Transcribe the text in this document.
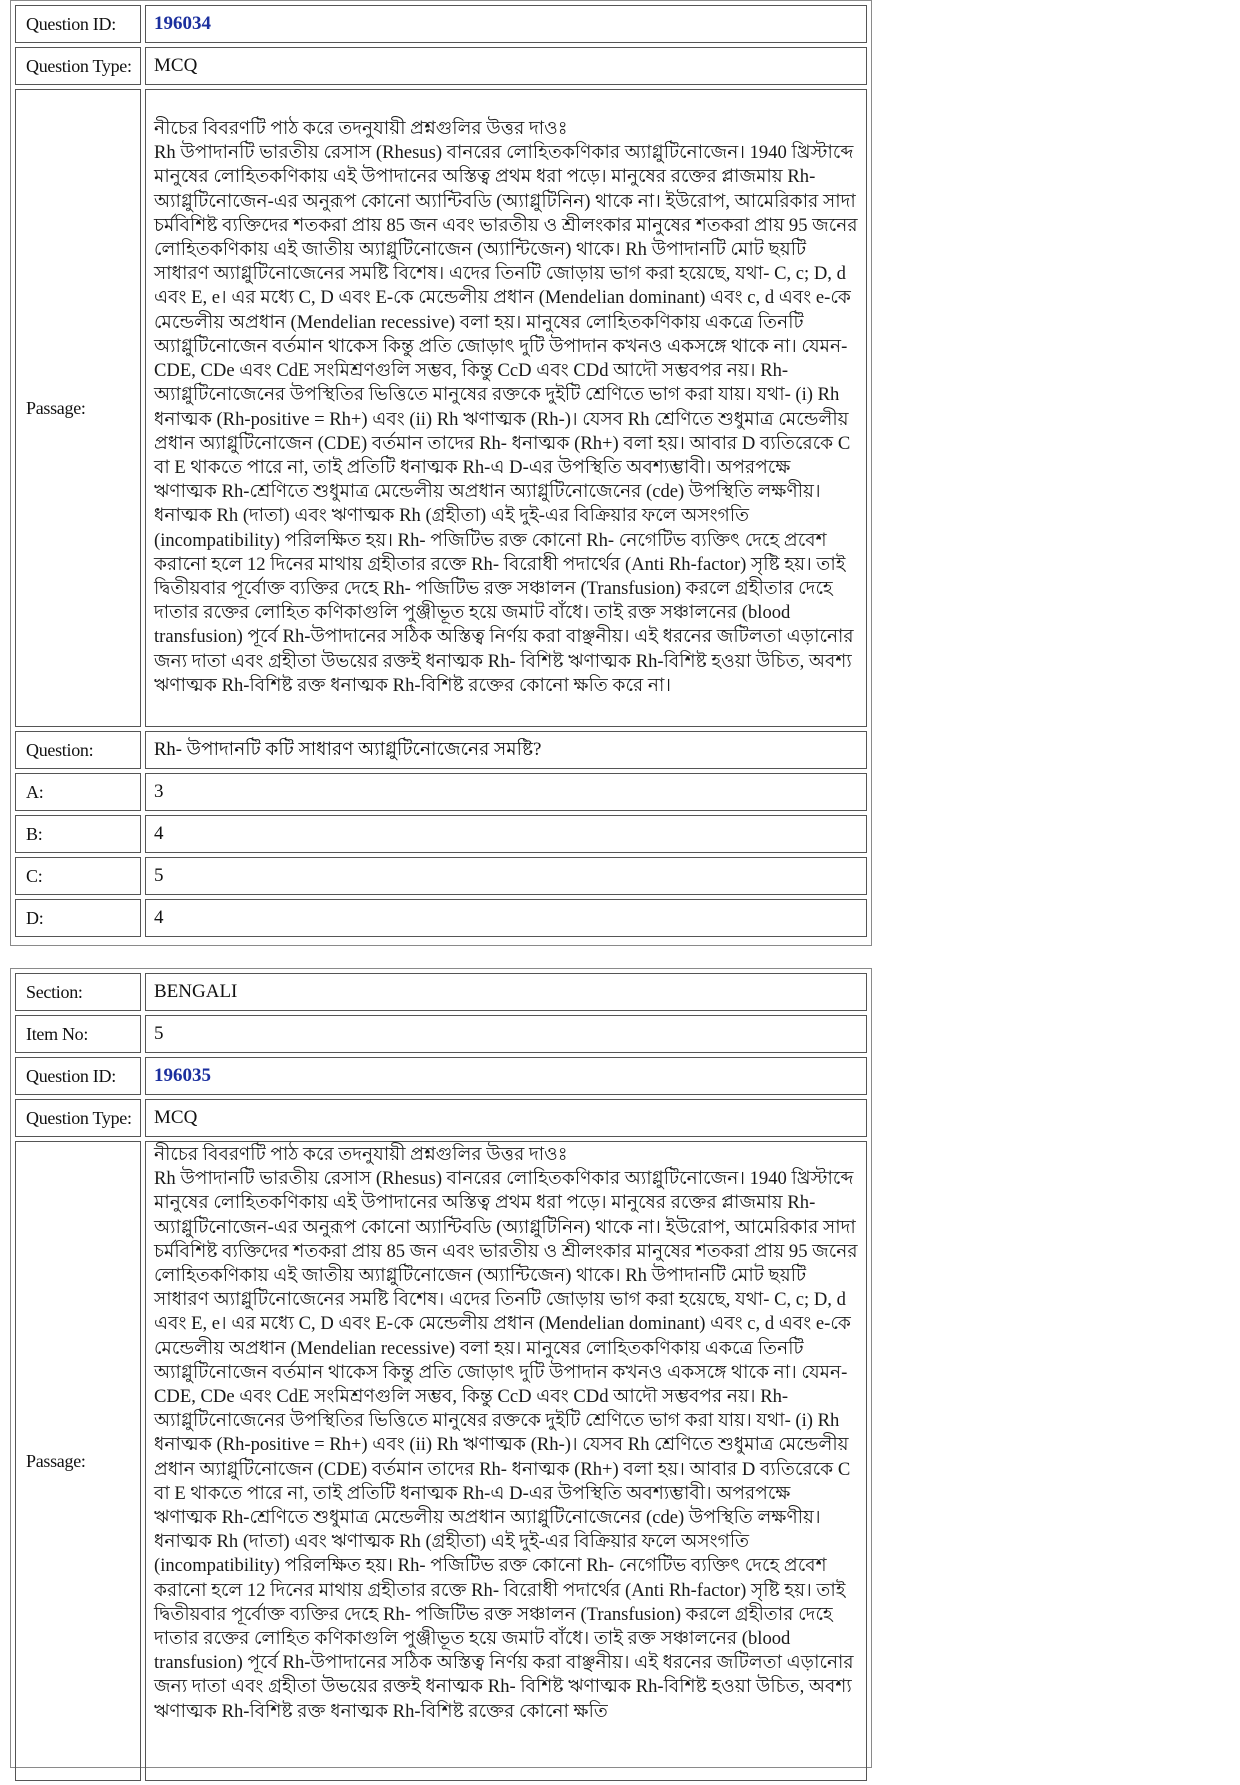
Question ID:	196034
Question Type:	MCQ
Passage:	নীচের বিবরণটি পাঠ করে তদনুযায়ী প্রশ্নগুলির উত্তর দাওঃ
Rh উপাদানটি ভারতীয় রেসাস (Rhesus) বানরের লোহিতকণিকার অ্যাগ্লুটিনোজেন। 1940 খ্রিস্টাব্দে মানুষের লোহিতকণিকায় এই উপাদানের অস্তিত্ব প্রথম ধরা পড়ে। মানুষের রক্তের প্লাজমায় Rh- অ্যাগ্লুটিনোজেন-এর অনুরূপ কোনো অ্যান্টিবডি (অ্যাগ্লুটিনিন) থাকে না। ইউরোপ, আমেরিকার সাদা চর্মবিশিষ্ট ব্যক্তিদের শতকরা প্রায় 85 জন এবং ভারতীয় ও শ্রীলংকার মানুষের শতকরা প্রায় 95 জনের লোহিতকণিকায় এই জাতীয় অ্যাগ্লুটিনোজেন (অ্যান্টিজেন) থাকে। Rh উপাদানটি মোট ছয়টি সাধারণ অ্যাগ্লুটিনোজেনের সমষ্টি বিশেষ। এদের তিনটি জোড়ায় ভাগ করা হয়েছে, যথা- C, c; D, d এবং E, e। এর মধ্যে C, D এবং E-কে মেন্ডেলীয় প্রধান (Mendelian dominant) এবং c, d এবং e-কে মেন্ডেলীয় অপ্রধান (Mendelian recessive) বলা হয়। মানুষের লোহিতকণিকায় একত্রে তিনটি অ্যাগ্লুটিনোজেন বর্তমান থাকেস কিন্তু প্রতি জোড়াৎ দুটি উপাদান কখনও একসঙ্গে থাকে না। যেমন-CDE, CDe এবং CdE সংমিশ্রণগুলি সম্ভব, কিন্তু CcD এবং CDd আদৌ সম্ভবপর নয়। Rh- অ্যাগ্লুটিনোজেনের উপস্থিতির ভিত্তিতে মানুষের রক্তকে দুইটি শ্রেণিতে ভাগ করা যায়। যথা- (i) Rh ধনাত্মক (Rh-positive = Rh+) এবং (ii) Rh ঋণাত্মক (Rh-)। যেসব Rh শ্রেণিতে শুধুমাত্র মেন্ডেলীয় প্রধান অ্যাগ্লুটিনোজেন (CDE) বর্তমান তাদের Rh- ধনাত্মক (Rh+) বলা হয়। আবার D ব্যতিরেকে C বা E থাকতে পারে না, তাই প্রতিটি ধনাত্মক Rh-এ D-এর উপস্থিতি অবশ্যম্ভাবী। অপরপক্ষে ঋণাত্মক Rh-শ্রেণিতে শুধুমাত্র মেন্ডেলীয় অপ্রধান অ্যাগ্লুটিনোজেনের (cde) উপস্থিতি লক্ষণীয়। ধনাত্মক Rh (দাতা) এবং ঋণাত্মক Rh (গ্রহীতা) এই দুই-এর বিক্রিয়ার ফলে অসংগতি (incompatibility) পরিলক্ষিত হয়। Rh- পজিটিভ রক্ত কোনো Rh- নেগেটিভ ব্যক্তিৎ দেহে প্রবেশ করানো হলে 12 দিনের মাথায় গ্রহীতার রক্তে Rh- বিরোধী পদার্থের (Anti Rh-factor) সৃষ্টি হয়। তাই দ্বিতীয়বার পূর্বোক্ত ব্যক্তির দেহে Rh- পজিটিভ রক্ত সঞ্চালন (Transfusion) করলে গ্রহীতার দেহে দাতার রক্তের লোহিত কণিকাগুলি পুঞ্জীভূত হয়ে জমাট বাঁধে। তাই রক্ত সঞ্চালনের (blood transfusion) পূর্বে Rh-উপাদানের সঠিক অস্তিত্ব নির্ণয় করা বাঞ্ছনীয়। এই ধরনের জটিলতা এড়ানোর জন্য দাতা এবং গ্রহীতা উভয়ের রক্তই ধনাত্মক Rh- বিশিষ্ট ঋণাত্মক Rh-বিশিষ্ট হওয়া উচিত, অবশ্য ঋণাত্মক Rh-বিশিষ্ট রক্ত ধনাত্মক Rh-বিশিষ্ট রক্তের কোনো ক্ষতি করে না।

Question:	Rh- উপাদানটি কটি সাধারণ অ্যাগ্লুটিনোজেনের সমষ্টি?
A:	3
B:	4
C:	5
D:	4
Section:	BENGALI
Item No:	5
Question ID:	196035
Question Type:	MCQ
Passage:	নীচের বিবরণটি পাঠ করে তদনুযায়ী প্রশ্নগুলির উত্তর দাওঃ
Rh উপাদানটি ভারতীয় রেসাস (Rhesus) বানরের লোহিতকণিকার অ্যাগ্লুটিনোজেন। 1940 খ্রিস্টাব্দে মানুষের লোহিতকণিকায় এই উপাদানের অস্তিত্ব প্রথম ধরা পড়ে। মানুষের রক্তের প্লাজমায় Rh- অ্যাগ্লুটিনোজেন-এর অনুরূপ কোনো অ্যান্টিবডি (অ্যাগ্লুটিনিন) থাকে না। ইউরোপ, আমেরিকার সাদা চর্মবিশিষ্ট ব্যক্তিদের শতকরা প্রায় 85 জন এবং ভারতীয় ও শ্রীলংকার মানুষের শতকরা প্রায় 95 জনের লোহিতকণিকায় এই জাতীয় অ্যাগ্লুটিনোজেন (অ্যান্টিজেন) থাকে। Rh উপাদানটি মোট ছয়টি সাধারণ অ্যাগ্লুটিনোজেনের সমষ্টি বিশেষ। এদের তিনটি জোড়ায় ভাগ করা হয়েছে, যথা- C, c; D, d এবং E, e। এর মধ্যে C, D এবং E-কে মেন্ডেলীয় প্রধান (Mendelian dominant) এবং c, d এবং e-কে মেন্ডেলীয় অপ্রধান (Mendelian recessive) বলা হয়। মানুষের লোহিতকণিকায় একত্রে তিনটি অ্যাগ্লুটিনোজেন বর্তমান থাকেস কিন্তু প্রতি জোড়াৎ দুটি উপাদান কখনও একসঙ্গে থাকে না। যেমন-CDE, CDe এবং CdE সংমিশ্রণগুলি সম্ভব, কিন্তু CcD এবং CDd আদৌ সম্ভবপর নয়। Rh- অ্যাগ্লুটিনোজেনের উপস্থিতির ভিত্তিতে মানুষের রক্তকে দুইটি শ্রেণিতে ভাগ করা যায়। যথা- (i) Rh ধনাত্মক (Rh-positive = Rh+) এবং (ii) Rh ঋণাত্মক (Rh-)। যেসব Rh শ্রেণিতে শুধুমাত্র মেন্ডেলীয় প্রধান অ্যাগ্লুটিনোজেন (CDE) বর্তমান তাদের Rh- ধনাত্মক (Rh+) বলা হয়। আবার D ব্যতিরেকে C বা E থাকতে পারে না, তাই প্রতিটি ধনাত্মক Rh-এ D-এর উপস্থিতি অবশ্যম্ভাবী। অপরপক্ষে ঋণাত্মক Rh-শ্রেণিতে শুধুমাত্র মেন্ডেলীয় অপ্রধান অ্যাগ্লুটিনোজেনের (cde) উপস্থিতি লক্ষণীয়। ধনাত্মক Rh (দাতা) এবং ঋণাত্মক Rh (গ্রহীতা) এই দুই-এর বিক্রিয়ার ফলে অসংগতি (incompatibility) পরিলক্ষিত হয়। Rh- পজিটিভ রক্ত কোনো Rh- নেগেটিভ ব্যক্তিৎ দেহে প্রবেশ করানো হলে 12 দিনের মাথায় গ্রহীতার রক্তে Rh- বিরোধী পদার্থের (Anti Rh-factor) সৃষ্টি হয়। তাই দ্বিতীয়বার পূর্বোক্ত ব্যক্তির দেহে Rh- পজিটিভ রক্ত সঞ্চালন (Transfusion) করলে গ্রহীতার দেহে দাতার রক্তের লোহিত কণিকাগুলি পুঞ্জীভূত হয়ে জমাট বাঁধে। তাই রক্ত সঞ্চালনের (blood transfusion) পূর্বে Rh-উপাদানের সঠিক অস্তিত্ব নির্ণয় করা বাঞ্ছনীয়। এই ধরনের জটিলতা এড়ানোর জন্য দাতা এবং গ্রহীতা উভয়ের রক্তই ধনাত্মক Rh- বিশিষ্ট ঋণাত্মক Rh-বিশিষ্ট হওয়া উচিত, অবশ্য ঋণাত্মক Rh-বিশিষ্ট রক্ত ধনাত্মক Rh-বিশিষ্ট রক্তের কোনো ক্ষতি
